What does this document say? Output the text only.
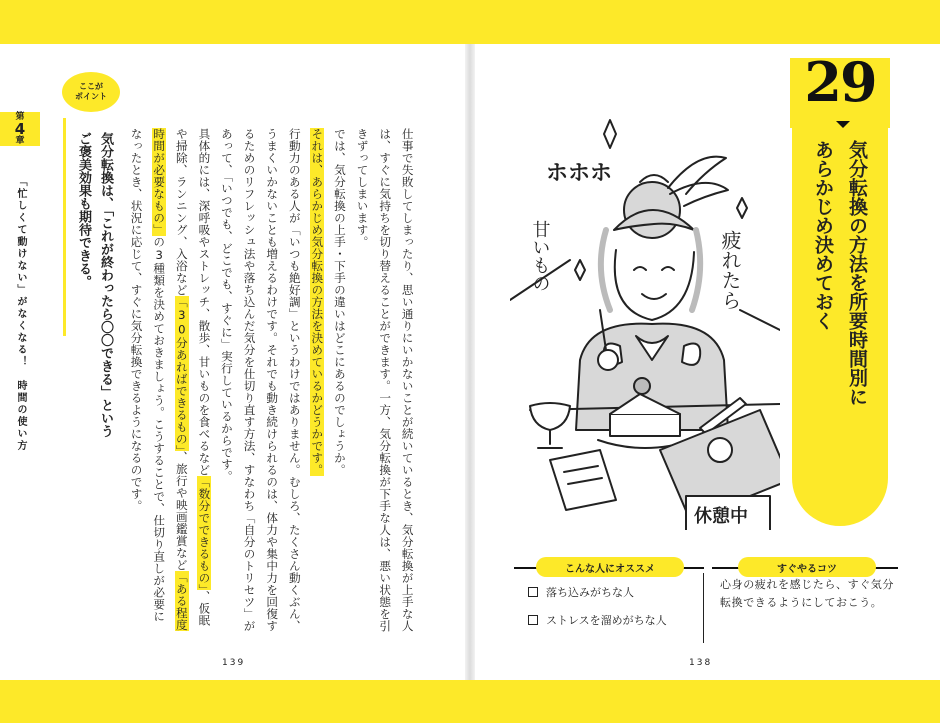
第
4
章
「忙しくて動けない」がなくなる！　時間の使い方
ここが
ポイント
気分転換は、「これが終わったら〇〇できる」という
ご褒美効果も期待できる。	仕事で失敗してしまったり、思い通りにいかないことが続いているとき、気分転換が上手な人は、すぐに気持ちを切り替えることができます。一方、気分転換が下手な人は、悪い状態を引きずってしまいます。
では、気分転換の上手・下手の違いはどこにあるのでしょうか。
それは、あらかじめ気分転換の方法を決めているかどうかです。
行動力のある人が「いつも絶好調」というわけではありません。むしろ、たくさん動くぶん、うまくいかないことも増えるわけです。それでも動き続けられるのは、体力や集中力を回復するためのリフレッシュ法や落ち込んだ気分を仕切り直す方法、すなわち「自分のトリセツ」があって、「いつでも、どこでも、すぐに」実行しているからです。
具体的には、深呼吸やストレッチ、散歩、甘いものを食べるなど「数分でできるもの」、仮眠や掃除、ランニング、入浴など「30分あればできるもの」、旅行や映画鑑賞など「ある程度時間が必要なもの」の3種類を決めておきましょう。こうすることで、仕切り直しが必要になったとき、状況に応じて、すぐに気分転換できるようになるのです。
139
29
気分転換の方法を所要時間別に
あらかじめ決めておく
ホホホ
疲れたら
甘いもの
休憩中
こんな人にオススメ	すぐやるコツ
落ち込みがちな人
ストレスを溜めがちな人
心身の疲れを感じたら、すぐ気分転換できるようにしておこう。
138
